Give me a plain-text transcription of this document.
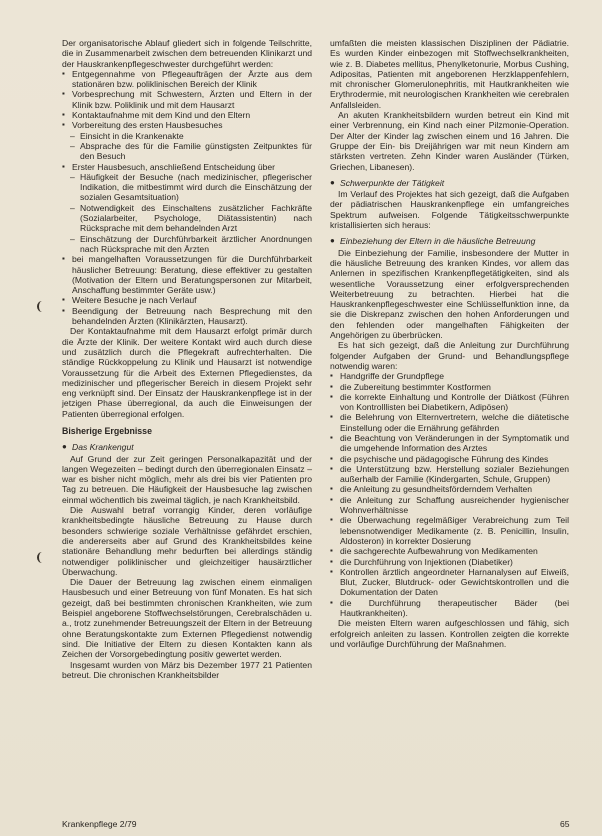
Der organisatorische Ablauf gliedert sich in folgende Teilschritte, die in Zusammenarbeit zwischen dem betreuenden Klinikarzt und der Hauskrankenpflegeschwester durchgeführt werden:

▪ Entgegennahme von Pflegeaufträgen der Ärzte aus dem stationären bzw. poliklinischen Bereich der Klinik
▪ Vorbesprechung mit Schwestern, Ärzten und Eltern in der Klinik bzw. Poliklinik und mit dem Hausarzt
▪ Kontaktaufnahme mit dem Kind und den Eltern
▪ Vorbereitung des ersten Hausbesuches
– Einsicht in die Krankenakte
– Absprache des für die Familie günstigsten Zeitpunktes für den Besuch
▪ Erster Hausbesuch, anschließend Entscheidung über
– Häufigkeit der Besuche (nach medizinischer, pflegerischer Indikation, die mitbestimmt wird durch die Einschätzung der sozialen Gesamtsituation)
– Notwendigkeit des Einschaltens zusätzlicher Fachkräfte (Sozialarbeiter, Psychologe, Diätassistentin) nach Rücksprache mit dem behandelnden Arzt
– Einschätzung der Durchführbarkeit ärztlicher Anordnungen nach Rücksprache mit den Ärzten
▪ bei mangelhaften Voraussetzungen für die Durchführbarkeit häuslicher Betreuung: Beratung, diese effektiver zu gestalten (Motivation der Eltern und Beratungspersonen zur Mitarbeit, Anschaffung bestimmter Geräte usw.)
▪ Weitere Besuche je nach Verlauf
▪ Beendigung der Betreuung nach Besprechung mit den behandelnden Ärzten (Klinikärzten, Hausarzt).

Der Kontaktaufnahme mit dem Hausarzt erfolgt primär durch die Ärzte der Klinik. Der weitere Kontakt wird auch durch diese und zusätzlich durch die Pflegekraft aufrechterhalten. Die ständige Rückkoppelung zu Klinik und Hausarzt ist notwendige Voraussetzung für die Arbeit des Externen Pflegedienstes, da medizinischer und pflegerischer Bereich in diesem Projekt sehr eng verknüpft sind. Der Einsatz der Hauskrankenpflege ist in der jetzigen Phase überregional, da auch die Einweisungen der Patienten überregional erfolgen.

Bisherige Ergebnisse
● Das Krankengut

Auf Grund der zur Zeit geringen Personalkapazität und der langen Wegezeiten – bedingt durch den überregionalen Einsatz – war es bisher nicht möglich, mehr als drei bis vier Patienten pro Tag zu betreuen. Die Häufigkeit der Hausbesuche lag zwischen einmal wöchentlich bis zweimal täglich, je nach Krankheitsbild.

Die Auswahl betraf vorrangig Kinder, deren vorläufige krankheitsbedingte häusliche Betreuung zu Hause durch besonders schwierige soziale Verhältnisse gefährdet erschien, die andererseits aber auf Grund des Krankheitsbildes keine stationäre Behandlung mehr bedurften bei allerdings ständig notwendiger poliklinischer und gleichzeitiger hausärztlicher Überwachung.

Die Dauer der Betreuung lag zwischen einem einmaligen Hausbesuch und einer Betreuung von fünf Monaten. Es hat sich gezeigt, daß bei bestimmten chronischen Krankheiten, wie zum Beispiel angeborene Stoffwechselstörungen, Cerebralschäden u. a., trotz zunehmender Betreuungszeit der Eltern in der Betreuung ohne Beratungskontakte zum Externen Pflegedienst notwendig sind. Die Initiative der Eltern zu diesen Kontakten kann als Zeichen der Vorsorgebedingtung positiv gewertet werden.

Insgesamt wurden von März bis Dezember 1977 21 Patienten betreut. Die chronischen Krankheitsbilder

umfaßten die meisten klassischen Disziplinen der Pädiatrie. Es wurden Kinder einbezogen mit Stoffwechselkrankheiten, wie z. B. Diabetes mellitus, Phenylketonurie, Morbus Cushing, Adipositas, Patienten mit angeborenen Herzklappenfehlern, mit chronischer Glomerulonephritis, mit Hautkrankheiten wie Erythrodermie, mit neurologischen Krankheiten wie cerebralen Anfallsleiden.

An akuten Krankheitsbildern wurden betreut ein Kind mit einer Verbrennung, ein Kind nach einer Pilzmonie-Operation. Der Alter der Kinder lag zwischen einem und 16 Jahren. Die Gruppe der Ein- bis Dreijährigen war mit neun Kindern am stärksten vertreten. Zehn Kinder waren Ausländer (Türken, Griechen, Libanesen).

● Schwerpunkte der Tätigkeit

Im Verlauf des Projektes hat sich gezeigt, daß die Aufgaben der pädiatrischen Hauskrankenpflege ein umfangreiches Spektrum aufweisen. Folgende Tätigkeitsschwerpunkte kristallisierten sich heraus:

● Einbeziehung der Eltern in die häusliche Betreuung

Die Einbeziehung der Familie, insbesondere der Mutter in die häusliche Betreuung des kranken Kindes, vor allem das Anlernen in spezifischen Krankenpflegetätigkeiten, sind als wesentliche Voraussetzung einer erfolgversprechenden Weiterbetreuung zu betrachten. Hierbei hat die Hauskrankenpflegeschwester eine Schlüsselfunktion inne, da sie die Diskrepanz zwischen den hohen Anforderungen und den fehlenden oder mangelhaften Fähigkeiten der Angehörigen zu überbrücken.

Es hat sich gezeigt, daß die Anleitung zur Durchführung folgender Aufgaben der Grund- und Behandlungspflege notwendig waren:

▪ Handgriffe der Grundpflege
▪ die Zubereitung bestimmter Kostformen
▪ die korrekte Einhaltung und Kontrolle der Diätkost (Führen von Kontrolllisten bei Diabetikern, Adipösen)
▪ die Belehrung von Elternvertretern, welche die diätetische Einstellung oder die Ernährung gefährden
▪ die Beachtung von Veränderungen in der Symptomatik und die umgehende Information des Arztes
▪ die psychische und pädagogische Führung des Kindes
▪ die Unterstützung bzw. Herstellung sozialer Beziehungen außerhalb der Familie (Kindergarten, Schule, Gruppen)
▪ die Anleitung zu gesundheitsförderndem Verhalten
▪ die Anleitung zur Schaffung ausreichender hygienischer Wohnverhältnisse
▪ die Überwachung regelmäßiger Verabreichung zum Teil lebensnotwendiger Medikamente (z. B. Penicillin, Insulin, Aldosteron) in korrekter Dosierung
▪ die sachgerechte Aufbewahrung von Medikamenten
▪ die Durchführung von Injektionen (Diabetiker)
▪ Kontrollen ärztlich angeordneter Harnanalysen auf Eiweiß, Blut, Zucker, Blutdruck- oder Gewichtskontrollen und die Dokumentation der Daten
▪ die Durchführung therapeutischer Bäder (bei Hautkrankheiten).

Die meisten Eltern waren aufgeschlossen und fähig, sich erfolgreich anleiten zu lassen. Kontrollen zeigten die korrekte und vorläufige Durchführung der Maßnahmen.

Krankenpflege 2/79	65
